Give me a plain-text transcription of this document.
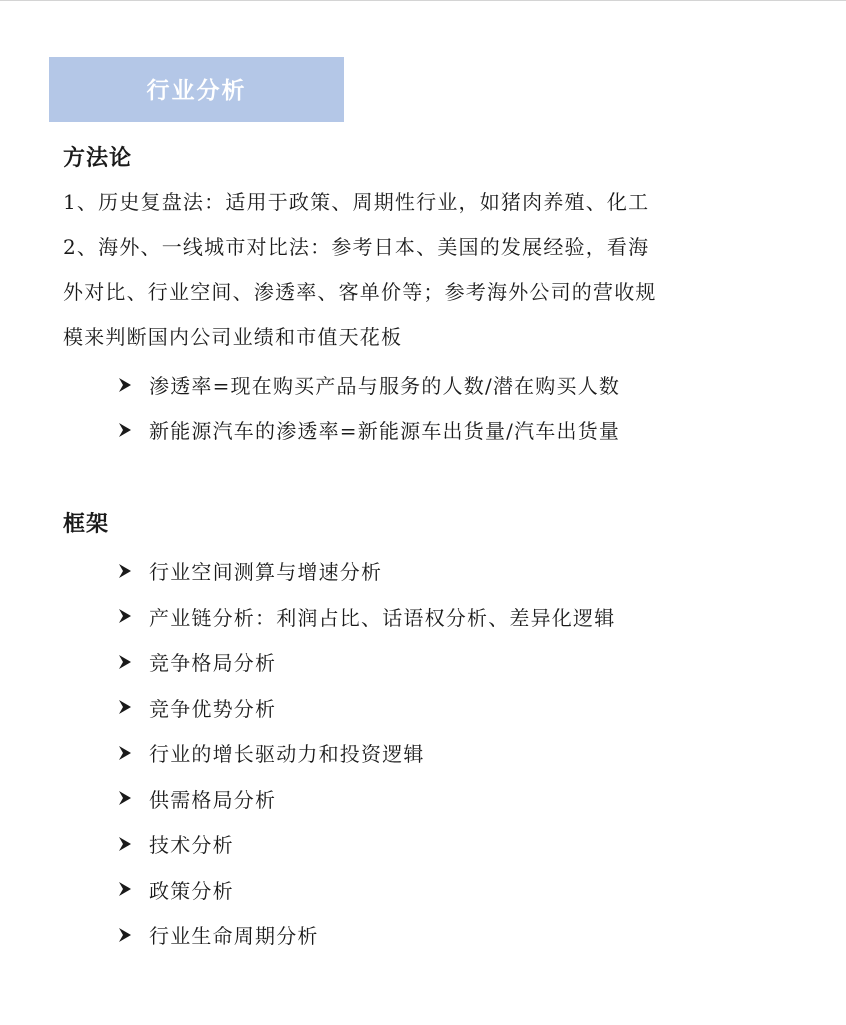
行业分析
方法论

1、历史复盘法：适用于政策、周期性行业，如猪肉养殖、化工

2、海外、一线城市对比法：参考日本、美国的发展经验，看海

外对比、行业空间、渗透率、客单价等；参考海外公司的营收规

模来判断国内公司业绩和市值天花板

渗透率=现在购买产品与服务的人数/潜在购买人数
新能源汽车的渗透率=新能源车出货量/汽车出货量
框架
行业空间测算与增速分析
产业链分析：利润占比、话语权分析、差异化逻辑
竞争格局分析
竞争优势分析
行业的增长驱动力和投资逻辑
供需格局分析
技术分析
政策分析
行业生命周期分析
